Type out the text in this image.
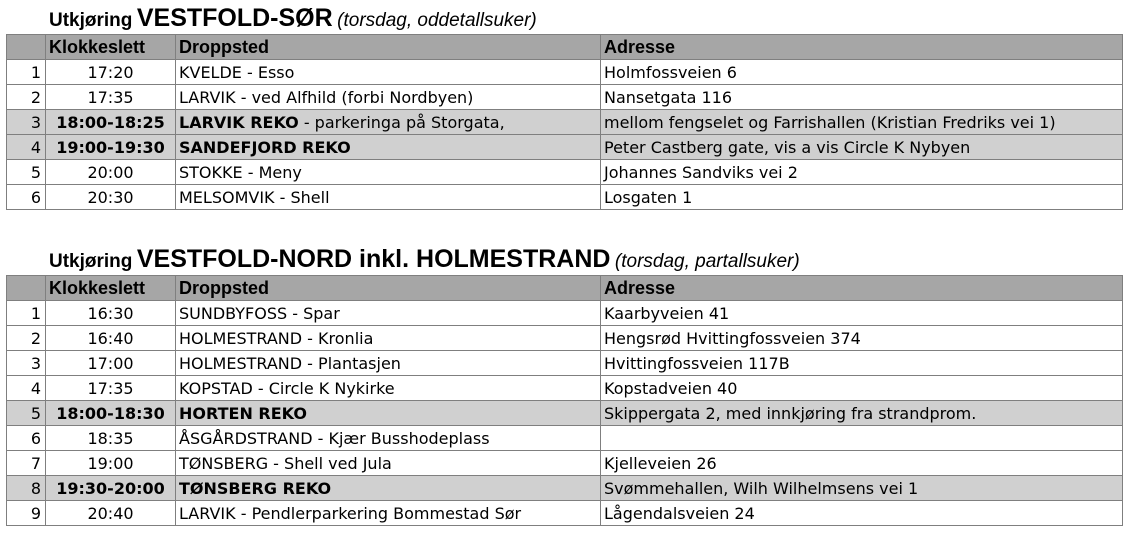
Utkjøring VESTFOLD-SØR (torsdag, oddetallsuker)
	Klokkeslett	Droppsted	Adresse
1	17:20	KVELDE - Esso	Holmfossveien 6
2	17:35	LARVIK - ved Alfhild (forbi Nordbyen)	Nansetgata 116
3	18:00-18:25	LARVIK REKO - parkeringa på Storgata,	mellom fengselet og Farrishallen (Kristian Fredriks vei 1)
4	19:00-19:30	SANDEFJORD REKO	Peter Castberg gate, vis a vis Circle K Nybyen
5	20:00	STOKKE - Meny	Johannes Sandviks vei 2
6	20:30	MELSOMVIK - Shell	Losgaten 1
Utkjøring VESTFOLD-NORD inkl. HOLMESTRAND (torsdag, partallsuker)
	Klokkeslett	Droppsted	Adresse
1	16:30	SUNDBYFOSS - Spar	Kaarbyveien 41
2	16:40	HOLMESTRAND - Kronlia	Hengsrød Hvittingfossveien 374
3	17:00	HOLMESTRAND - Plantasjen	Hvittingfossveien 117B
4	17:35	KOPSTAD - Circle K Nykirke	Kopstadveien 40
5	18:00-18:30	HORTEN REKO	Skippergata 2, med innkjøring fra strandprom.
6	18:35	ÅSGÅRDSTRAND - Kjær Busshodeplass	
7	19:00	TØNSBERG - Shell ved Jula	Kjelleveien 26
8	19:30-20:00	TØNSBERG REKO	Svømmehallen, Wilh Wilhelmsens vei 1
9	20:40	LARVIK - Pendlerparkering Bommestad Sør	Lågendalsveien 24
